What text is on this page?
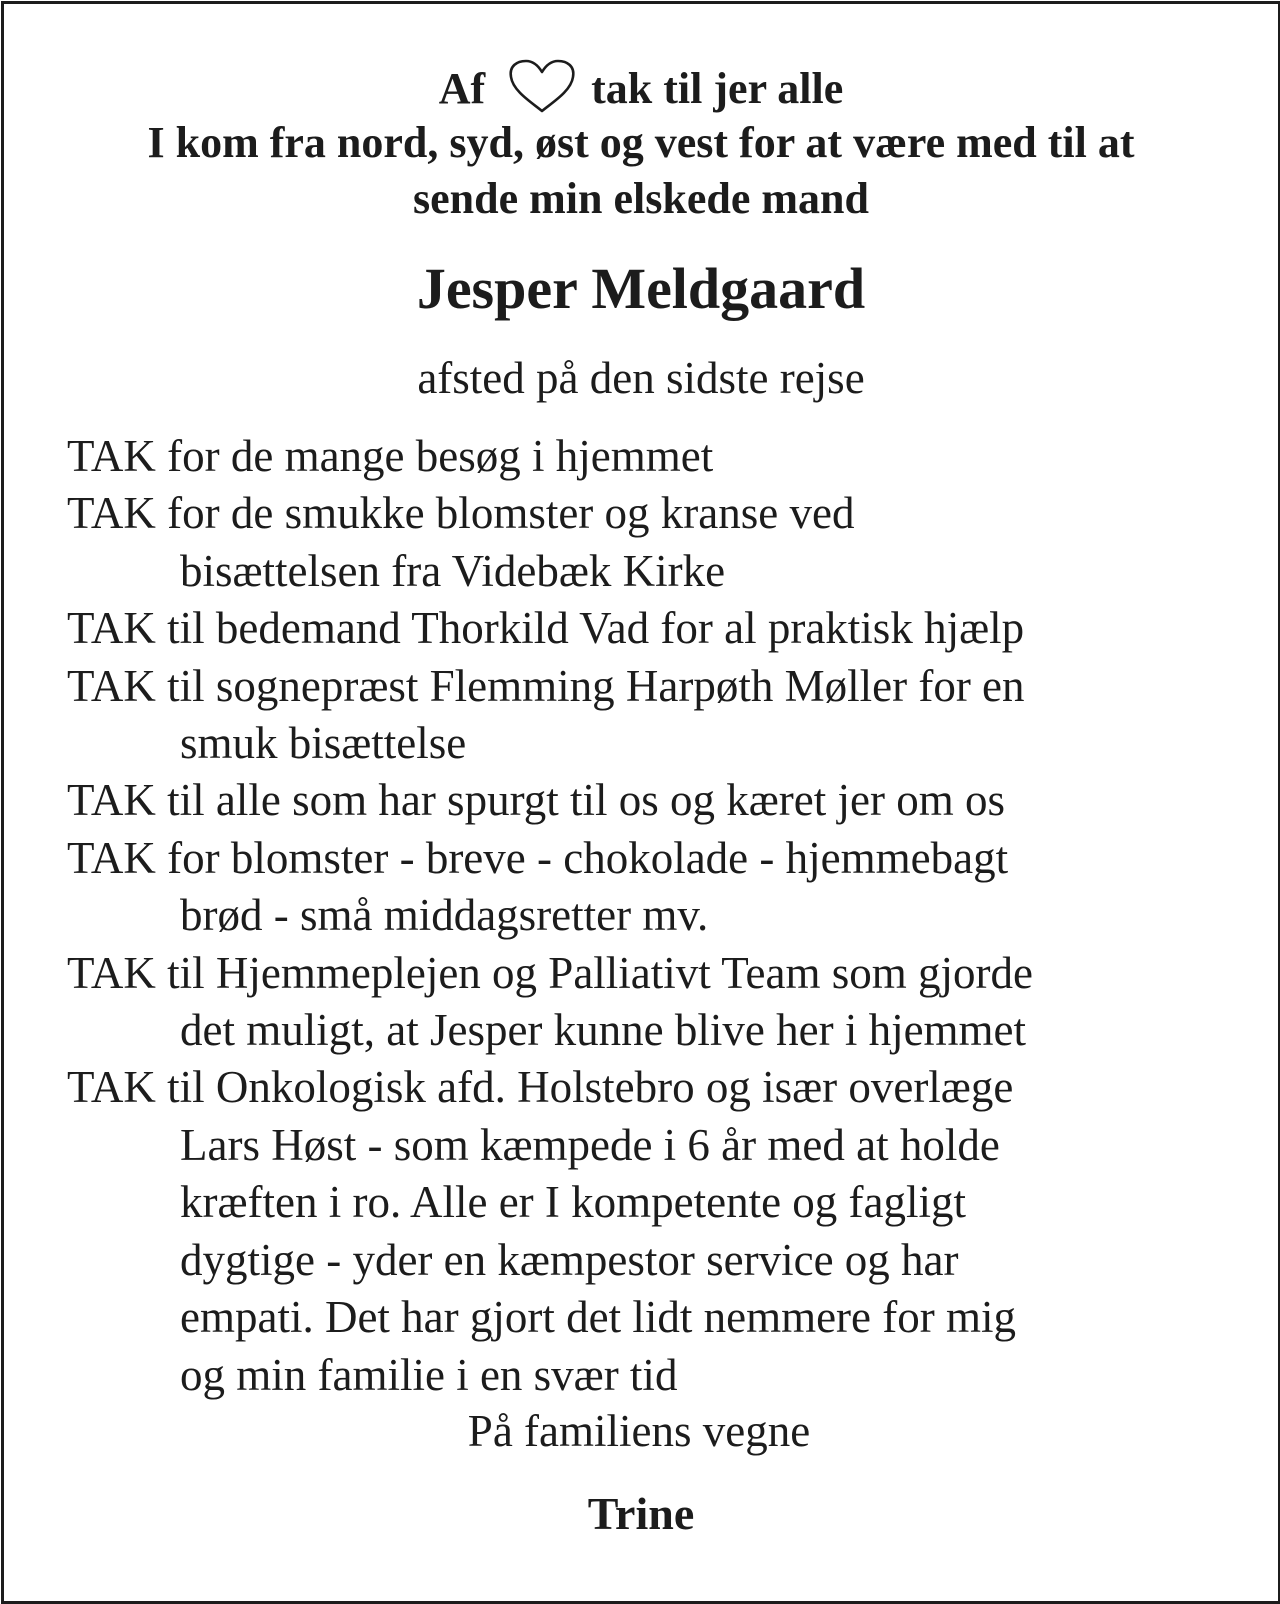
Af tak til jer alle
I kom fra nord, syd, øst og vest for at være med til at
sende min elskede mand
Jesper Meldgaard
afsted på den sidste rejse
TAK for de mange besøg i hjemmet
TAK for de smukke blomster og kranse ved
bisættelsen fra Videbæk Kirke
TAK til bedemand Thorkild Vad for al praktisk hjælp
TAK til sognepræst Flemming Harpøth Møller for en
smuk bisættelse
TAK til alle som har spurgt til os og kæret jer om os
TAK for blomster - breve - chokolade - hjemmebagt
brød - små middagsretter mv.
TAK til Hjemmeplejen og Palliativt Team som gjorde
det muligt, at Jesper kunne blive her i hjemmet
TAK til Onkologisk afd. Holstebro og især overlæge
Lars Høst - som kæmpede i 6 år med at holde
kræften i ro. Alle er I kompetente og fagligt
dygtige - yder en kæmpestor service og har
empati. Det har gjort det lidt nemmere for mig
og min familie i en svær tid
På familiens vegne
Trine
